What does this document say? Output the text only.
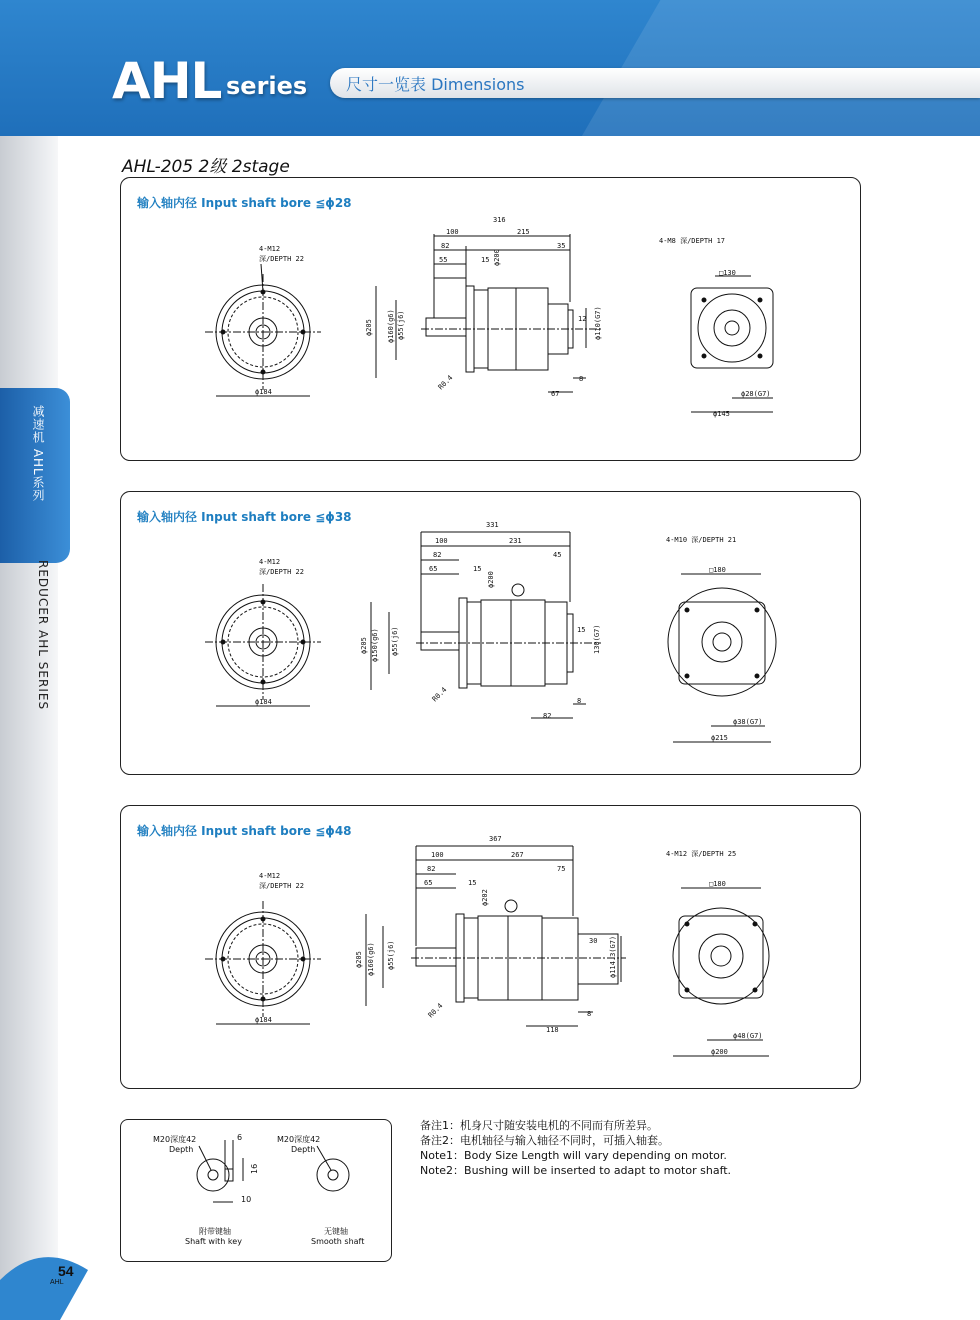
AHL series 尺寸一览表 Dimensions
减速机 AHL系列
REDUCER AHL SERIES
AHL-205 2级 2stage
输入轴内径 Input shaft bore ≦ϕ28
4-M12
深/DEPTH 22
ϕ184
316
100	215
82	35
55	15 ϕ200
ϕ205 ϕ160(g6) ϕ55(j6)	12 ϕ110(G7)
R0.4	8
67
4-M8 深/DEPTH 17
□130
ϕ28(G7)
ϕ145
输入轴内径 Input shaft bore ≦ϕ38
4-M12
深/DEPTH 22
ϕ184
331
100	231
82	45
65	15
ϕ200
ϕ205 ϕ150(g6) ϕ55(j6)	15 130(G7)
R0.4	8
82
4-M10 深/DEPTH 21
□180
ϕ38(G7)
ϕ215
输入轴内径 Input shaft bore ≦ϕ48
4-M12
深/DEPTH 22
ϕ184
367
100	267
82	75
65	15
ϕ202
ϕ205 ϕ160(g6) ϕ55(j6)	30 ϕ114.3(G7)
R0.4	8
118
4-M12 深/DEPTH 25
□180
ϕ48(G7)
ϕ200
M20深度42
Depth
6
16
10
附带键轴
Shaft with key
M20深度42
Depth
无键轴
Smooth shaft
备注1：机身尺寸随安装电机的不同而有所差异。
备注2：电机轴径与输入轴径不同时，可插入轴套。
Note1：Body Size Length will vary depending on motor.
Note2：Bushing will be inserted to adapt to motor shaft.
54
AHL
